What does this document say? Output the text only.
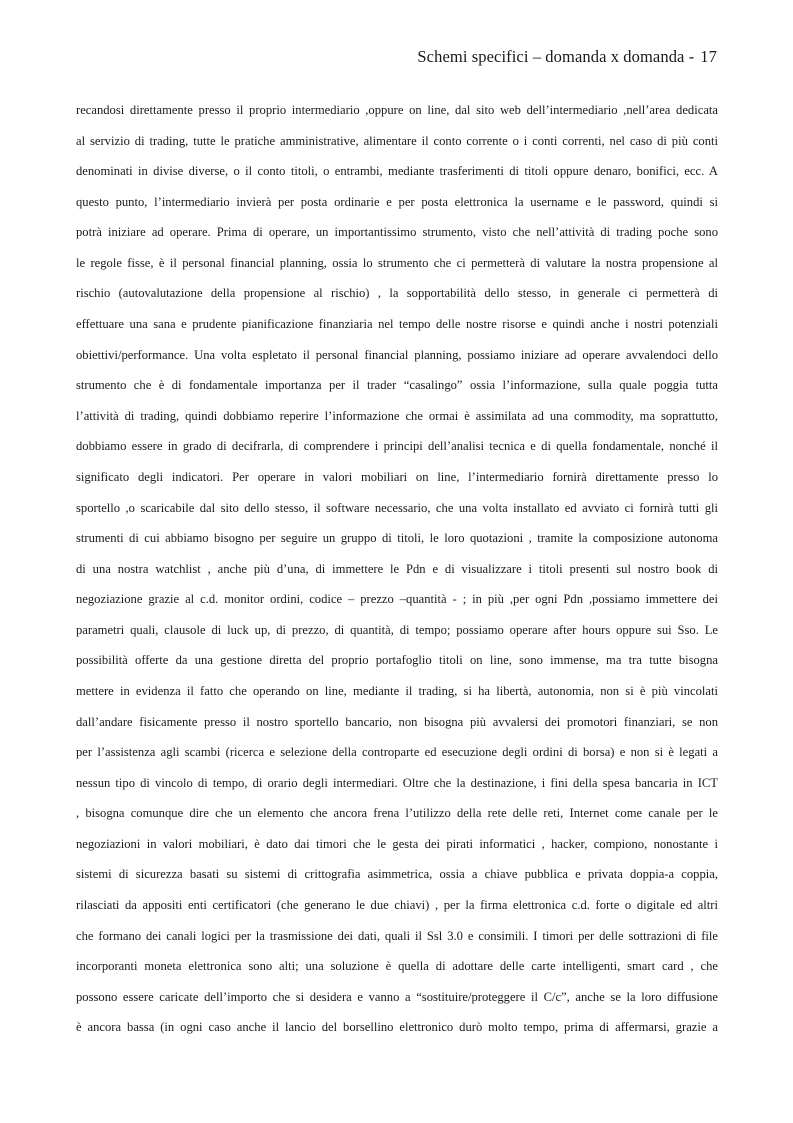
Schemi specifici – domanda x domanda - 17
recandosi direttamente presso il proprio intermediario ,oppure on line, dal sito web dell’intermediario ,nell’area dedicata
al servizio di trading, tutte le pratiche amministrative, alimentare il conto corrente o i conti correnti, nel caso di più conti
denominati in divise diverse, o il conto titoli, o entrambi, mediante trasferimenti di titoli oppure denaro, bonifici, ecc. A
questo punto, l’intermediario invierà per posta ordinarie e per posta elettronica la username e le password, quindi si
potrà iniziare ad operare. Prima di operare, un importantissimo strumento, visto che nell’attività di trading poche sono
le regole fisse, è il personal financial planning, ossia lo strumento che ci permetterà di valutare la nostra propensione al
rischio (autovalutazione della propensione al rischio) , la sopportabilità dello stesso, in generale ci permetterà di
effettuare una sana e prudente pianificazione finanziaria nel tempo delle nostre risorse e quindi anche i nostri potenziali
obiettivi/performance. Una volta espletato il personal financial planning, possiamo iniziare ad operare avvalendoci dello
strumento che è di fondamentale importanza per il trader “casalingo” ossia l’informazione, sulla quale poggia tutta
l’attività di trading, quindi dobbiamo reperire l’informazione che ormai è assimilata ad una commodity, ma soprattutto,
dobbiamo essere in grado di decifrarla, di comprendere i principi dell’analisi tecnica e di quella fondamentale, nonché il
significato degli indicatori. Per operare in valori mobiliari on line, l’intermediario fornirà direttamente presso lo
sportello ,o scaricabile dal sito dello stesso, il software necessario, che una volta installato ed avviato ci fornirà tutti gli
strumenti di cui abbiamo bisogno per seguire un gruppo di titoli, le loro quotazioni , tramite la composizione autonoma
di una nostra watchlist , anche più d’una, di immettere le Pdn e di visualizzare i titoli presenti sul nostro book di
negoziazione grazie al c.d. monitor ordini, codice – prezzo –quantità - ; in più ,per ogni Pdn ,possiamo immettere dei
parametri quali, clausole di luck up, di prezzo, di quantità, di tempo; possiamo operare after hours oppure sui Sso. Le
possibilità offerte da una gestione diretta del proprio portafoglio titoli on line, sono immense, ma tra tutte bisogna
mettere in evidenza il fatto che operando on line, mediante il trading, si ha libertà, autonomia, non si è più vincolati
dall’andare fisicamente presso il nostro sportello bancario, non bisogna più avvalersi dei promotori finanziari, se non
per l’assistenza agli scambi (ricerca e selezione della controparte ed esecuzione degli ordini di borsa) e non si è legati a
nessun tipo di vincolo di tempo, di orario degli intermediari. Oltre che la destinazione, i fini della spesa bancaria in ICT
, bisogna comunque dire che un elemento che ancora frena l’utilizzo della rete delle reti, Internet come canale per le
negoziazioni in valori mobiliari, è dato dai timori che le gesta dei pirati informatici , hacker, compiono, nonostante i
sistemi di sicurezza basati su sistemi di crittografia asimmetrica, ossia a chiave pubblica e privata doppia-a coppia,
rilasciati da appositi enti certificatori (che generano le due chiavi) , per la firma elettronica c.d. forte o digitale ed altri
che formano dei canali logici per la trasmissione dei dati, quali il Ssl 3.0 e consimili. I timori per delle sottrazioni di file
incorporanti moneta elettronica sono alti; una soluzione è quella di adottare delle carte intelligenti, smart card , che
possono essere caricate dell’importo che si desidera e vanno a “sostituire/proteggere il C/c”, anche se la loro diffusione
è ancora bassa (in ogni caso anche il lancio del borsellino elettronico durò molto tempo, prima di affermarsi, grazie a
